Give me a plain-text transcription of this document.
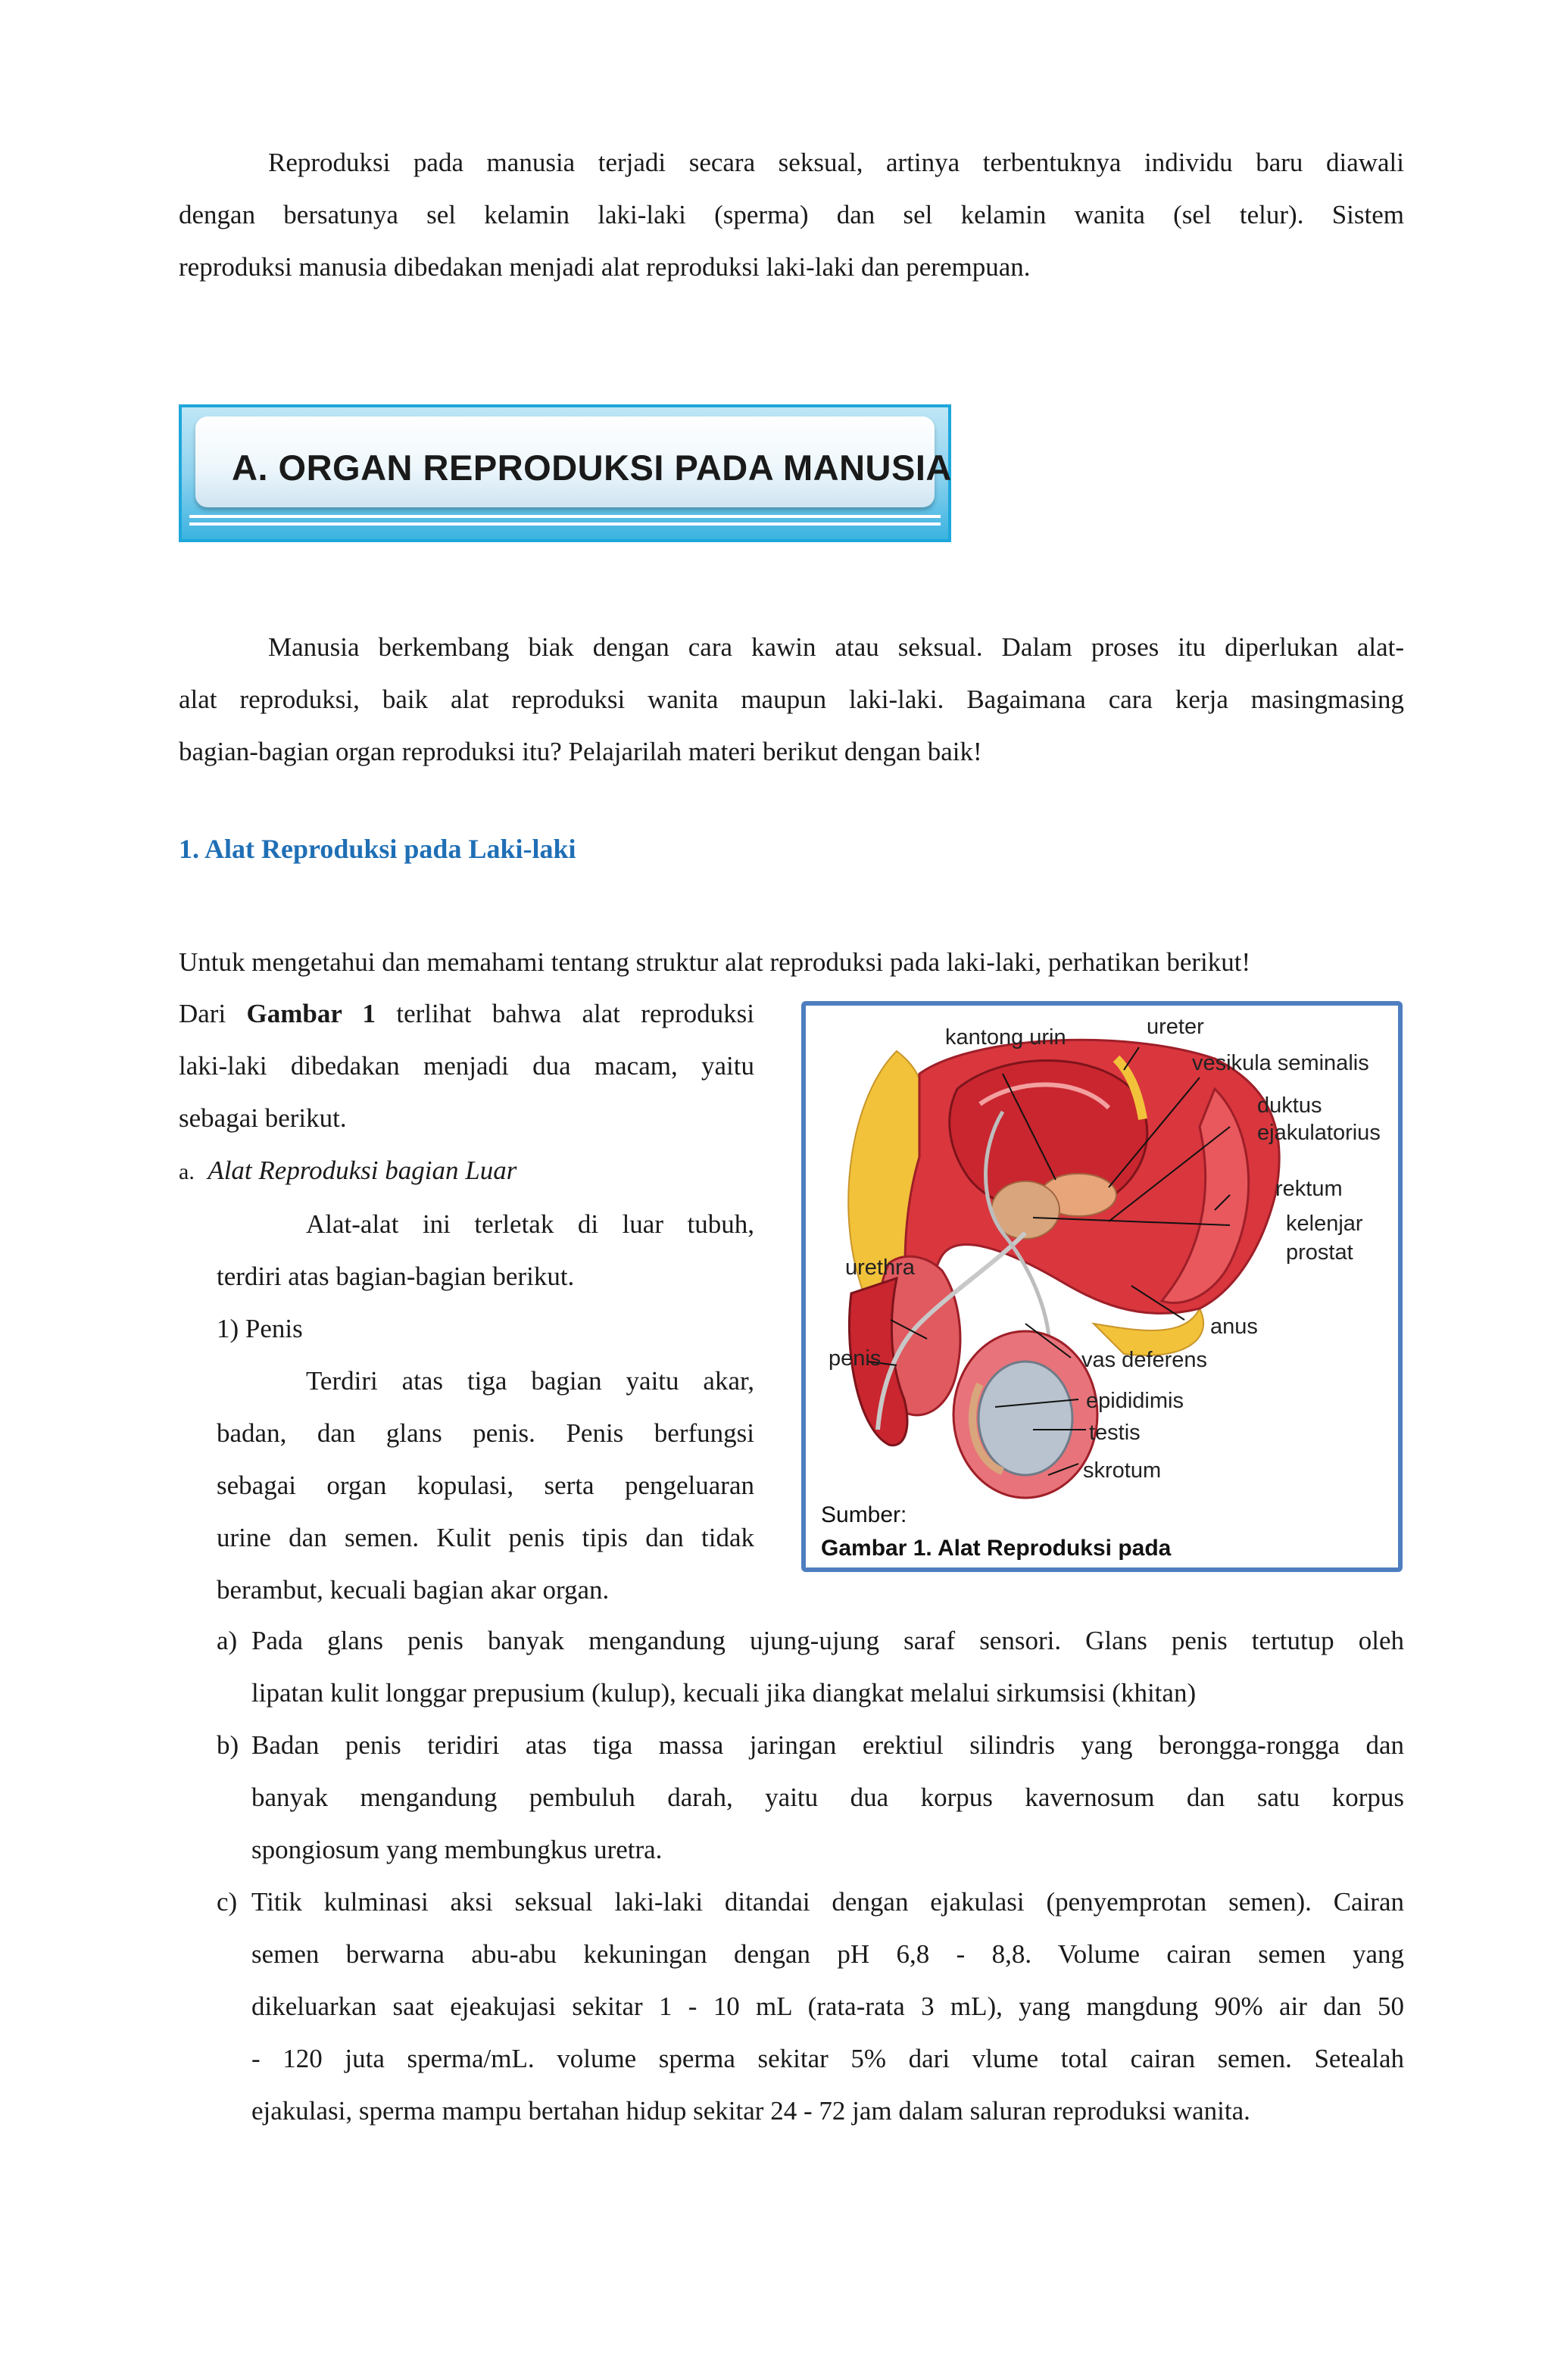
Reproduksi pada manusia terjadi secara seksual, artinya terbentuknya individu baru diawali
dengan bersatunya sel kelamin laki-laki (sperma) dan sel kelamin wanita (sel telur). Sistem
reproduksi manusia dibedakan menjadi alat reproduksi laki-laki dan perempuan.
A. ORGAN REPRODUKSI PADA MANUSIA
Manusia berkembang biak dengan cara kawin atau seksual. Dalam proses itu diperlukan alat-
alat reproduksi, baik alat reproduksi wanita maupun laki-laki. Bagaimana cara kerja masingmasing
bagian-bagian organ reproduksi itu? Pelajarilah materi berikut dengan baik!
1. Alat Reproduksi pada Laki-laki
Untuk mengetahui dan memahami tentang struktur alat reproduksi pada laki-laki, perhatikan berikut!
Dari Gambar 1 terlihat bahwa alat reproduksi
laki-laki dibedakan menjadi dua macam, yaitu
sebagai berikut.
a. Alat Reproduksi bagian Luar
Alat-alat ini terletak di luar tubuh,
terdiri atas bagian-bagian berikut.
1) Penis
Terdiri atas tiga bagian yaitu akar,
badan, dan glans penis. Penis berfungsi
sebagai organ kopulasi, serta pengeluaran
urine dan semen. Kulit penis tipis dan tidak
berambut, kecuali bagian akar organ.
kantong urin	ureter
vesikula seminalis
duktus
ejakulatorius
rektum
kelenjar
prostat
urethra
anus
penis	vas deferens
epididimis
testis
skrotum
Sumber:
Gambar 1. Alat Reproduksi pada
a) Pada glans penis banyak mengandung ujung-ujung saraf sensori. Glans penis tertutup oleh
lipatan kulit longgar prepusium (kulup), kecuali jika diangkat melalui sirkumsisi (khitan)
b) Badan penis teridiri atas tiga massa jaringan erektiul silindris yang berongga-rongga dan
banyak mengandung pembuluh darah, yaitu dua korpus kavernosum dan satu korpus
spongiosum yang membungkus uretra.
c) Titik kulminasi aksi seksual laki-laki ditandai dengan ejakulasi (penyemprotan semen). Cairan
semen berwarna abu-abu kekuningan dengan pH 6,8 - 8,8. Volume cairan semen yang
dikeluarkan saat ejeakujasi sekitar 1 - 10 mL (rata-rata 3 mL), yang mangdung 90% air dan 50
- 120 juta sperma/mL. volume sperma sekitar 5% dari vlume total cairan semen. Setealah
ejakulasi, sperma mampu bertahan hidup sekitar 24 - 72 jam dalam saluran reproduksi wanita.
